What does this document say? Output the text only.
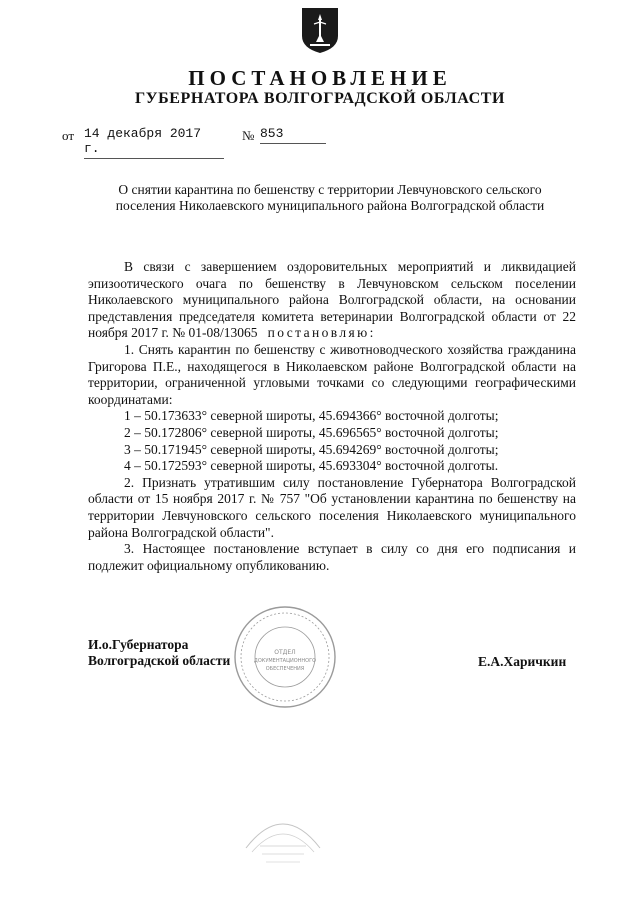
ПОСТАНОВЛЕНИЕ
ГУБЕРНАТОРА ВОЛГОГРАДСКОЙ ОБЛАСТИ
от 14 декабря 2017 г.
№ 853
О снятии карантина по бешенству с территории Левчуновского сельского
поселения Николаевского муниципального района Волгоградской области

В связи с завершением оздоровительных мероприятий и ликвидацией эпизоотического очага по бешенству в Левчуновском сельском поселении Николаевского муниципального района Волгоградской области, на основании представления председателя комитета ветеринарии Волгоградской области от 22 ноября 2017 г. № 01-08/13065 постановляю:

1. Снять карантин по бешенству с животноводческого хозяйства гражданина Григорова П.Е., находящегося в Николаевском районе Волгоградской области на территории, ограниченной угловыми точками со следующими географическими координатами:

1 – 50.173633° северной широты, 45.694366° восточной долготы;

2 – 50.172806° северной широты, 45.696565° восточной долготы;

3 – 50.171945° северной широты, 45.694269° восточной долготы;

4 – 50.172593° северной широты, 45.693304° восточной долготы.

2. Признать утратившим силу постановление Губернатора Волгоградской области от 15 ноября 2017 г. № 757 "Об установлении карантина по бешенству на территории Левчуновского сельского поселения Николаевского муниципального района Волгоградской области".

3. Настоящее постановление вступает в силу со дня его подписания и подлежит официальному опубликованию.

ОТДЕЛ
ДОКУМЕНТАЦИОННОГО
ОБЕСПЕЧЕНИЯ
И.о.Губернатора
Волгоградской области	Е.А.Харичкин
